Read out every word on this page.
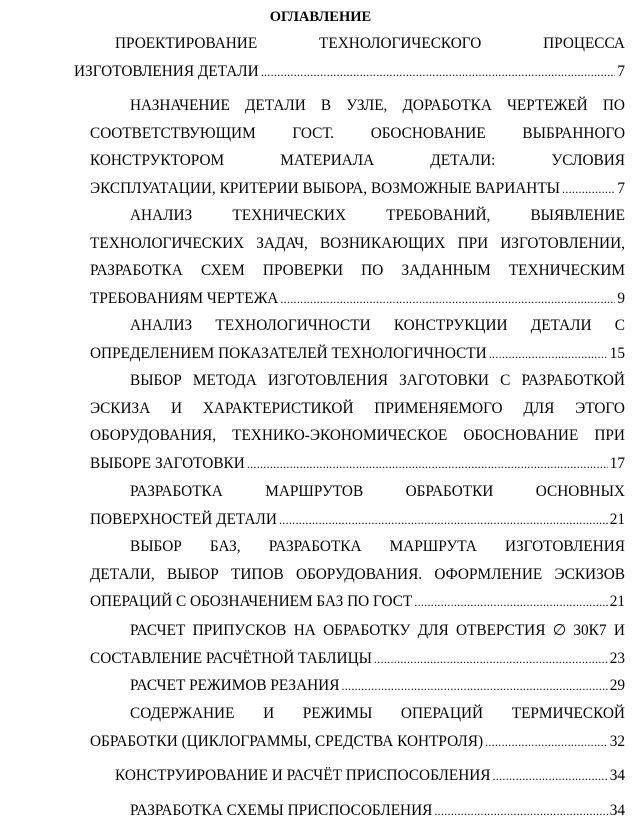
ОГЛАВЛЕНИЕ
ПРОЕКТИРОВАНИЕ	ТЕХНОЛОГИЧЕСКОГО	ПРОЦЕССА
ИЗГОТОВЛЕНИЯ ДЕТАЛИ .....	7
НАЗНАЧЕНИЕ ДЕТАЛИ В УЗЛЕ, ДОРАБОТКА ЧЕРТЕЖЕЙ ПО
СООТВЕТСТВУЮЩИМ ГОСТ. ОБОСНОВАНИЕ ВЫБРАННОГО
КОНСТРУКТОРОМ	МАТЕРИАЛА	ДЕТАЛИ:	УСЛОВИЯ
ЭКСПЛУАТАЦИИ, КРИТЕРИИ ВЫБОРА, ВОЗМОЖНЫЕ ВАРИАНТЫ .....	7
АНАЛИЗ	ТЕХНИЧЕСКИХ	ТРЕБОВАНИЙ,	ВЫЯВЛЕНИЕ
ТЕХНОЛОГИЧЕСКИХ ЗАДАЧ, ВОЗНИКАЮЩИХ ПРИ ИЗГОТОВЛЕНИИ,
РАЗРАБОТКА СХЕМ ПРОВЕРКИ ПО ЗАДАННЫМ ТЕХНИЧЕСКИМ
ТРЕБОВАНИЯМ ЧЕРТЕЖА .....	9
АНАЛИЗ ТЕХНОЛОГИЧНОСТИ КОНСТРУКЦИИ ДЕТАЛИ С
ОПРЕДЕЛЕНИЕМ ПОКАЗАТЕЛЕЙ ТЕХНОЛОГИЧНОСТИ .....	15
ВЫБОР МЕТОДА ИЗГОТОВЛЕНИЯ ЗАГОТОВКИ С РАЗРАБОТКОЙ
ЭСКИЗА И ХАРАКТЕРИСТИКОЙ ПРИМЕНЯЕМОГО ДЛЯ ЭТОГО
ОБОРУДОВАНИЯ, ТЕХНИКО-ЭКОНОМИЧЕСКОЕ ОБОСНОВАНИЕ ПРИ
ВЫБОРЕ ЗАГОТОВКИ .....	17
РАЗРАБОТКА	МАРШРУТОВ	ОБРАБОТКИ	ОСНОВНЫХ
ПОВЕРХНОСТЕЙ ДЕТАЛИ .....	21
ВЫБОР БАЗ, РАЗРАБОТКА МАРШРУТА ИЗГОТОВЛЕНИЯ
ДЕТАЛИ, ВЫБОР ТИПОВ ОБОРУДОВАНИЯ. ОФОРМЛЕНИЕ ЭСКИЗОВ
ОПЕРАЦИЙ С ОБОЗНАЧЕНИЕМ БАЗ ПО ГОСТ .....	21
РАСЧЕТ ПРИПУСКОВ НА ОБРАБОТКУ ДЛЯ ОТВЕРСТИЯ ∅ 30К7 И
СОСТАВЛЕНИЕ РАСЧЁТНОЙ ТАБЛИЦЫ .....	23
РАСЧЕТ РЕЖИМОВ РЕЗАНИЯ .....	29
СОДЕРЖАНИЕ И РЕЖИМЫ ОПЕРАЦИЙ ТЕРМИЧЕСКОЙ
ОБРАБОТКИ (ЦИКЛОГРАММЫ, СРЕДСТВА КОНТРОЛЯ) .....	32
КОНСТРУИРОВАНИЕ И РАСЧЁТ ПРИСПОСОБЛЕНИЯ .....	34
РАЗРАБОТКА СХЕМЫ ПРИСПОСОБЛЕНИЯ .....	34
